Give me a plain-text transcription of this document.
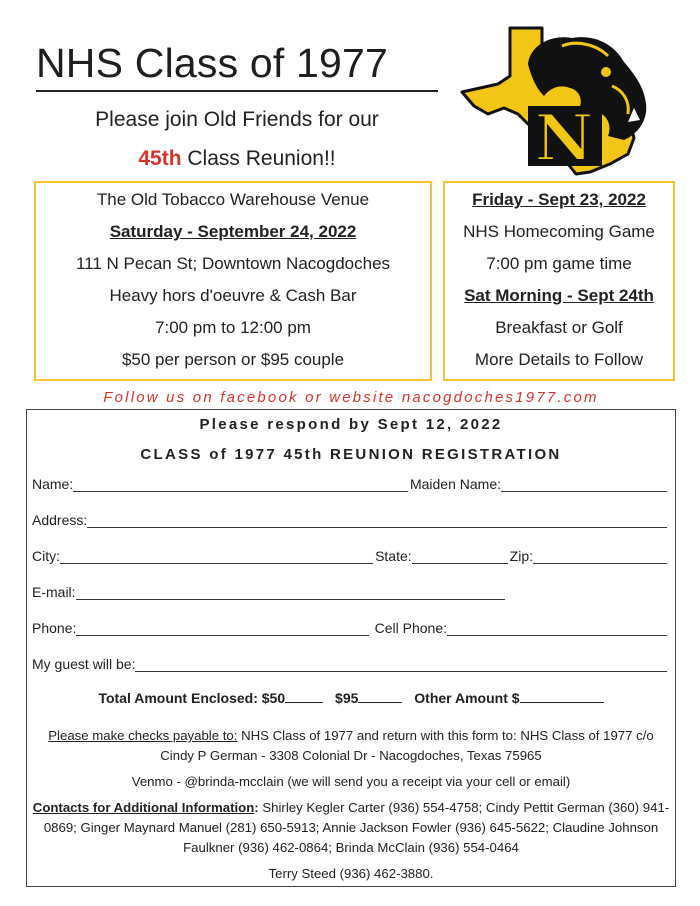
NHS Class of 1977
Please join Old Friends for our
45th Class Reunion!!	N
The Old Tobacco Warehouse Venue
Saturday - September 24, 2022
111 N Pecan St; Downtown Nacogdoches
Heavy hors d'oeuvre & Cash Bar
7:00 pm to 12:00 pm
$50 per person or $95 couple
Friday - Sept 23, 2022
NHS Homecoming Game
7:00 pm game time
Sat Morning - Sept 24th
Breakfast or Golf
More Details to Follow
Follow us on facebook or website nacogdoches1977.com
Please respond by Sept 12, 2022
CLASS of 1977 45th REUNION REGISTRATION
Name:	Maiden Name:
Address:
City:	State:	Zip:
E-mail:
Phone:	Cell Phone:
My guest will be:
Total Amount Enclosed: $50	$95	Other Amount $
Please make checks payable to: NHS Class of 1977 and return with this form to: NHS Class of 1977 c/o Cindy P German - 3308 Colonial Dr - Nacogdoches, Texas 75965
Venmo - @brinda-mcclain (we will send you a receipt via your cell or email)
Contacts for Additional Information: Shirley Kegler Carter (936) 554-4758; Cindy Pettit German (360) 941-0869; Ginger Maynard Manuel (281) 650-5913; Annie Jackson Fowler (936) 645-5622; Claudine Johnson Faulkner (936) 462-0864; Brinda McClain (936) 554-0464
Terry Steed (936) 462-3880.
